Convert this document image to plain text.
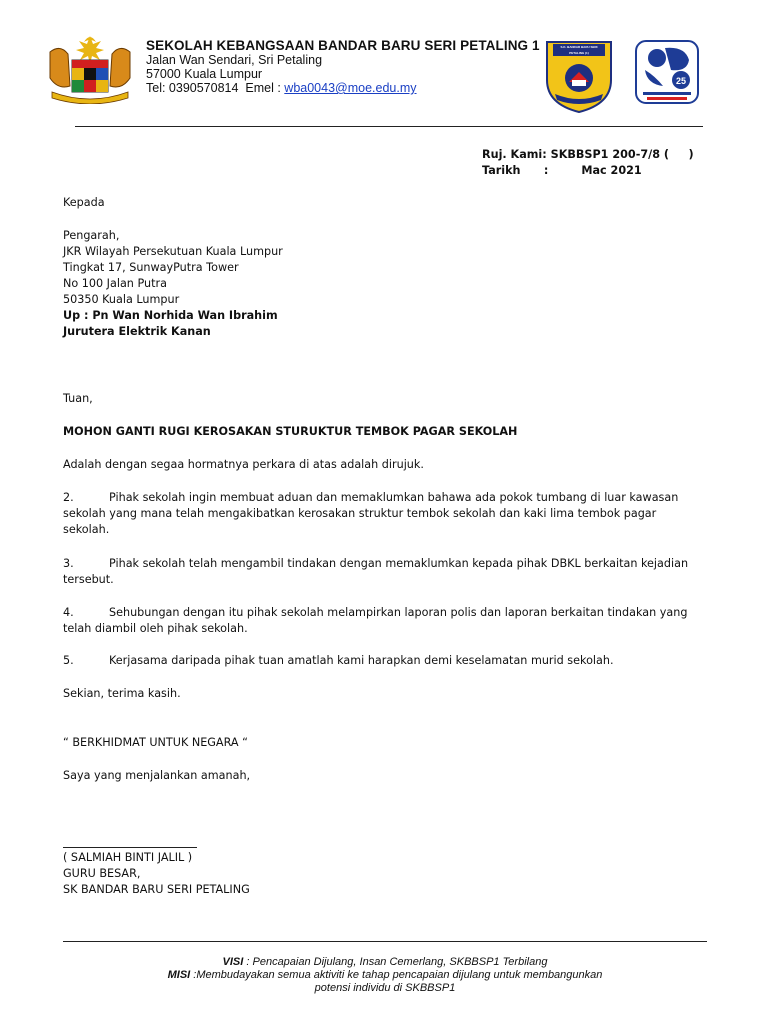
SEKOLAH KEBANGSAAN BANDAR BARU SERI PETALING 1
Jalan Wan Sendari, Sri Petaling
57000 Kuala Lumpur
Tel: 0390570814  Emel : wba0043@moe.edu.my
S.K. BANDAR BARU SERI PETALING (1)
25
Ruj. Kami: SKBBSP1 200-7/8 (     )
Tarikh      :	Mac 2021
Kepada
Pengarah,
JKR Wilayah Persekutuan Kuala Lumpur
Tingkat 17, SunwayPutra Tower
No 100 Jalan Putra
50350 Kuala Lumpur
Up : Pn Wan Norhida Wan Ibrahim
Jurutera Elektrik Kanan
Tuan,
MOHON GANTI RUGI KEROSAKAN STURUKTUR TEMBOK PAGAR SEKOLAH
Adalah dengan segaa hormatnya perkara di atas adalah dirujuk.
2.	Pihak sekolah ingin membuat aduan dan memaklumkan bahawa ada pokok tumbang di luar kawasan
sekolah yang mana telah mengakibatkan kerosakan struktur tembok sekolah dan kaki lima tembok pagar
sekolah.
3.	Pihak sekolah telah mengambil tindakan dengan memaklumkan kepada pihak DBKL berkaitan kejadian
tersebut.
4.	Sehubungan dengan itu pihak sekolah melampirkan laporan polis dan laporan berkaitan tindakan yang
telah diambil oleh pihak sekolah.
5.	Kerjasama daripada pihak tuan amatlah kami harapkan demi keselamatan murid sekolah.
Sekian, terima kasih.
“ BERKHIDMAT UNTUK NEGARA “
Saya yang menjalankan amanah,
( SALMIAH BINTI JALIL )
GURU BESAR,
SK BANDAR BARU SERI PETALING
VISI : Pencapaian Dijulang, Insan Cemerlang, SKBBSP1 Terbilang
MISI :Membudayakan semua aktiviti ke tahap pencapaian dijulang untuk membangunkan
potensi individu di SKBBSP1
